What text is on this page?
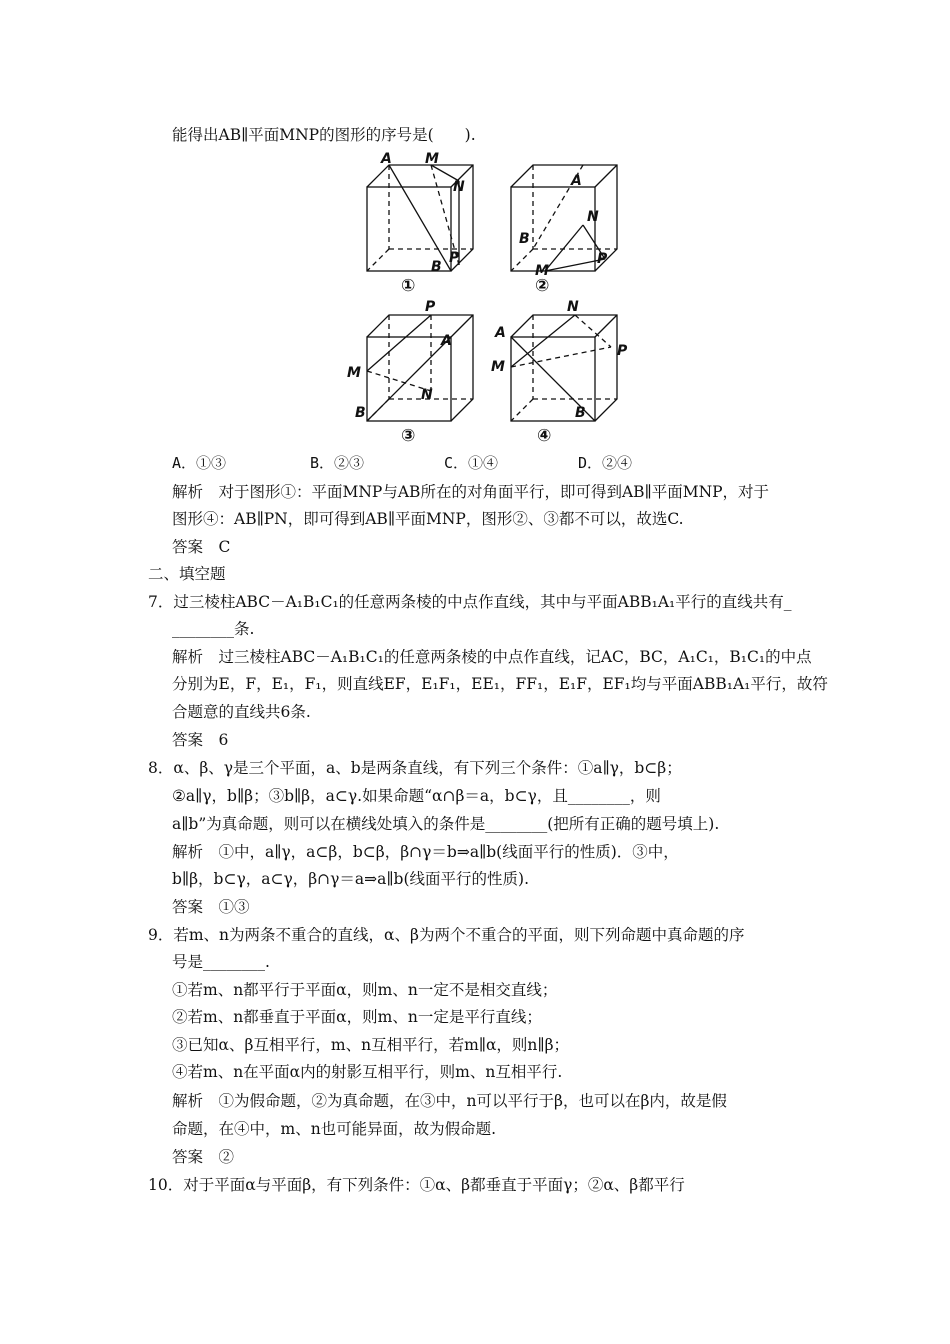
能得出AB∥平面MNP的图形的序号是(　　).
A M
N
B
P
①
A
N
B
M
P
②
P
A
M
B
N
③
N
A
M
P
B
④
A．①③	B．②③	C．①④	D．②④
解析　对于图形①：平面MNP与AB所在的对角面平行，即可得到AB∥平面MNP，对于
图形④：AB∥PN，即可得到AB∥平面MNP，图形②、③都不可以，故选C.
答案　C
二、填空题
7．过三棱柱ABC－A₁B₁C₁的任意两条棱的中点作直线，其中与平面ABB₁A₁平行的直线共有_
________条.
解析　过三棱柱ABC－A₁B₁C₁的任意两条棱的中点作直线，记AC，BC，A₁C₁，B₁C₁的中点
分别为E，F，E₁，F₁，则直线EF，E₁F₁，EE₁，FF₁，E₁F，EF₁均与平面ABB₁A₁平行，故符
合题意的直线共6条.
答案　6
8．α、β、γ是三个平面，a、b是两条直线，有下列三个条件：①a∥γ，b⊂β；
②a∥γ，b∥β；③b∥β，a⊂γ.如果命题“α∩β＝a，b⊂γ，且________，则
a∥b”为真命题，则可以在横线处填入的条件是________(把所有正确的题号填上).
解析　①中，a∥γ，a⊂β，b⊂β，β∩γ＝b⇒a∥b(线面平行的性质)．③中，
b∥β，b⊂γ，a⊂γ，β∩γ＝a⇒a∥b(线面平行的性质).
答案　①③
9．若m、n为两条不重合的直线，α、β为两个不重合的平面，则下列命题中真命题的序
号是________.
①若m、n都平行于平面α，则m、n一定不是相交直线；
②若m、n都垂直于平面α，则m、n一定是平行直线；
③已知α、β互相平行，m、n互相平行，若m∥α，则n∥β；
④若m、n在平面α内的射影互相平行，则m、n互相平行.
解析　①为假命题，②为真命题，在③中，n可以平行于β，也可以在β内，故是假
命题，在④中，m、n也可能异面，故为假命题.
答案　②
10．对于平面α与平面β，有下列条件：①α、β都垂直于平面γ；②α、β都平行
